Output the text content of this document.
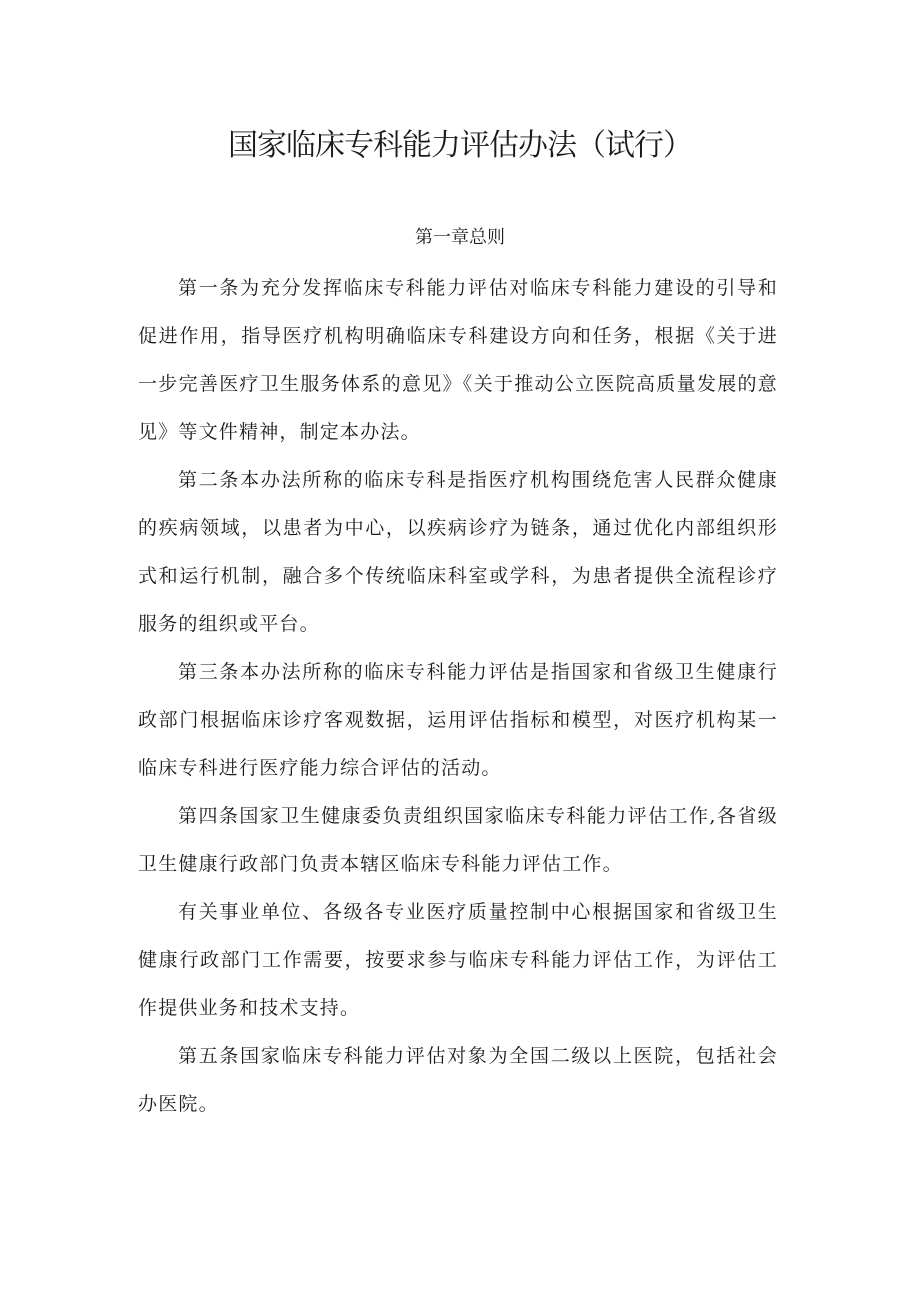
国家临床专科能力评估办法（试行）
第一章总则

第一条为充分发挥临床专科能力评估对临床专科能力建设的引导和促进作用，指导医疗机构明确临床专科建设方向和任务，根据《关于进一步完善医疗卫生服务体系的意见》《关于推动公立医院高质量发展的意见》等文件精神，制定本办法。

第二条本办法所称的临床专科是指医疗机构围绕危害人民群众健康的疾病领域，以患者为中心，以疾病诊疗为链条，通过优化内部组织形式和运行机制，融合多个传统临床科室或学科，为患者提供全流程诊疗服务的组织或平台。

第三条本办法所称的临床专科能力评估是指国家和省级卫生健康行政部门根据临床诊疗客观数据，运用评估指标和模型，对医疗机构某一临床专科进行医疗能力综合评估的活动。

第四条国家卫生健康委负责组织国家临床专科能力评估工作,各省级卫生健康行政部门负责本辖区临床专科能力评估工作。

有关事业单位、各级各专业医疗质量控制中心根据国家和省级卫生健康行政部门工作需要，按要求参与临床专科能力评估工作，为评估工作提供业务和技术支持。

第五条国家临床专科能力评估对象为全国二级以上医院，包括社会办医院。
